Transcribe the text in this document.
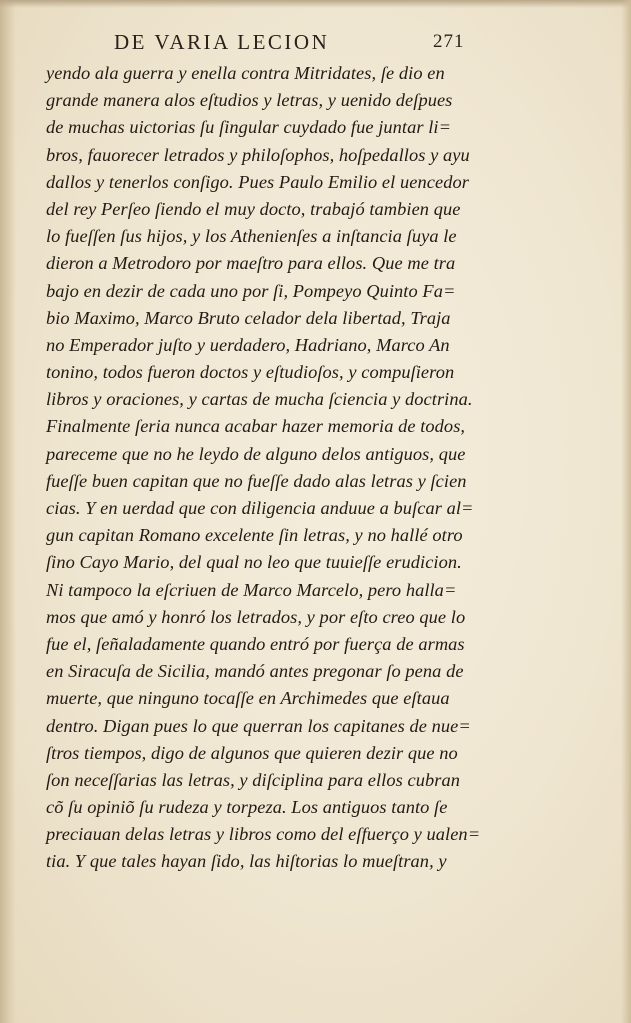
DE VARIA LECION	271
yendo ala guerra y enella contra Mitridates, ſe dio en
grande manera alos eſtudios y letras, y uenido deſpues
de muchas uictorias ſu ſingular cuydado fue juntar li=
bros, fauorecer letrados y philoſophos, hoſpedallos y ayu
dallos y tenerlos conſigo. Pues Paulo Emilio el uencedor
del rey Perſeo ſiendo el muy docto, trabajó tambien que
lo fueſſen ſus hijos, y los Athenienſes a inſtancia ſuya le
dieron a Metrodoro por maeſtro para ellos. Que me tra
bajo en dezir de cada uno por ſi, Pompeyo Quinto Fa=
bio Maximo, Marco Bruto celador dela libertad, Traja
no Emperador juſto y uerdadero, Hadriano, Marco An
tonino, todos fueron doctos y eſtudioſos, y compuſieron
libros y oraciones, y cartas de mucha ſciencia y doctrina.
Finalmente ſeria nunca acabar hazer memoria de todos,
pareceme que no he leydo de alguno delos antiguos, que
fueſſe buen capitan que no fueſſe dado alas letras y ſcien
cias. Y en uerdad que con diligencia anduue a buſcar al=
gun capitan Romano excelente ſin letras, y no hallé otro
ſino Cayo Mario, del qual no leo que tuuieſſe erudicion.
Ni tampoco la eſcriuen de Marco Marcelo, pero halla=
mos que amó y honró los letrados, y por eſto creo que lo
fue el, ſeñaladamente quando entró por fuerça de armas
en Siracuſa de Sicilia, mandó antes pregonar ſo pena de
muerte, que ninguno tocaſſe en Archimedes que eſtaua
dentro. Digan pues lo que querran los capitanes de nue=
ſtros tiempos, digo de algunos que quieren dezir que no
ſon neceſſarias las letras, y diſciplina para ellos cubran
cõ ſu opiniõ ſu rudeza y torpeza. Los antiguos tanto ſe
preciauan delas letras y libros como del eſfuerço y ualen=
tia. Y que tales hayan ſido, las hiſtorias lo mueſtran, y
